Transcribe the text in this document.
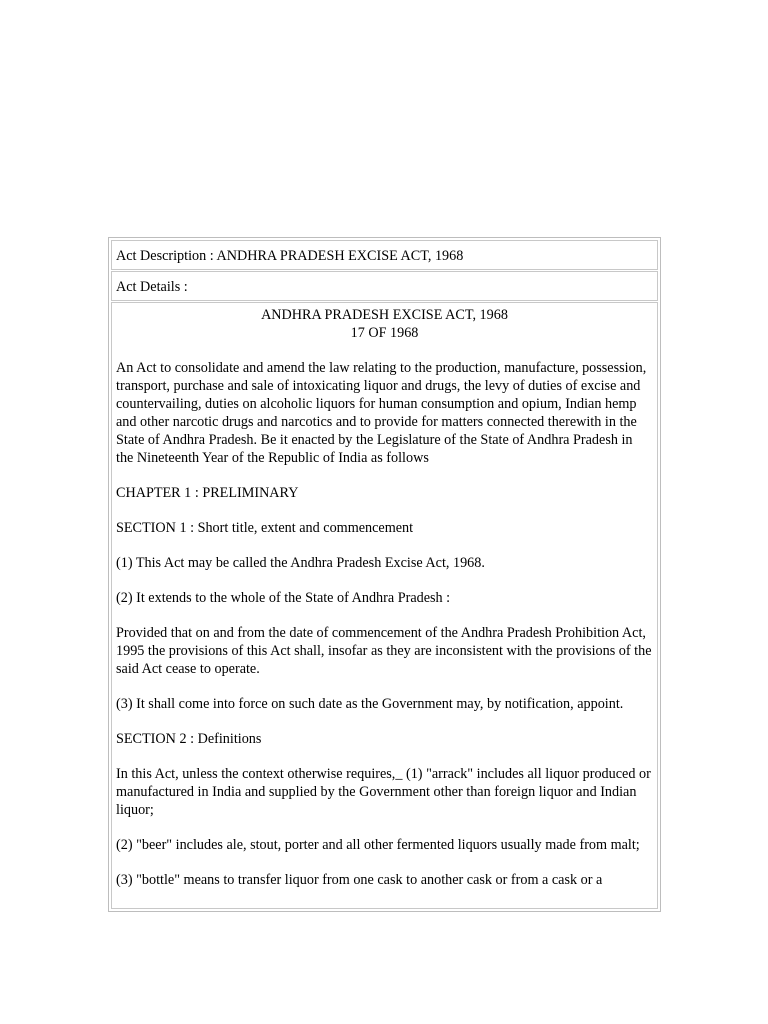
Act Description : ANDHRA PRADESH EXCISE ACT, 1968
Act Details :
ANDHRA PRADESH EXCISE ACT, 1968
17 OF 1968

An Act to consolidate and amend the law relating to the production, manufacture, possession, transport, purchase and sale of intoxicating liquor and drugs, the levy of duties of excise and countervailing, duties on alcoholic liquors for human consumption and opium, Indian hemp and other narcotic drugs and narcotics and to provide for matters connected therewith in the State of Andhra Pradesh. Be it enacted by the Legislature of the State of Andhra Pradesh in the Nineteenth Year of the Republic of India as follows

CHAPTER 1 : PRELIMINARY

SECTION 1 : Short title, extent and commencement

(1) This Act may be called the Andhra Pradesh Excise Act, 1968.

(2) It extends to the whole of the State of Andhra Pradesh :

Provided that on and from the date of commencement of the Andhra Pradesh Prohibition Act, 1995 the provisions of this Act shall, insofar as they are inconsistent with the provisions of the said Act cease to operate.

(3) It shall come into force on such date as the Government may, by notification, appoint.

SECTION 2 : Definitions

In this Act, unless the context otherwise requires,_ (1) "arrack" includes all liquor produced or manufactured in India and supplied by the Government other than foreign liquor and Indian liquor;

(2) "beer" includes ale, stout, porter and all other fermented liquors usually made from malt;

(3) "bottle" means to transfer liquor from one cask to another cask or from a cask or a
